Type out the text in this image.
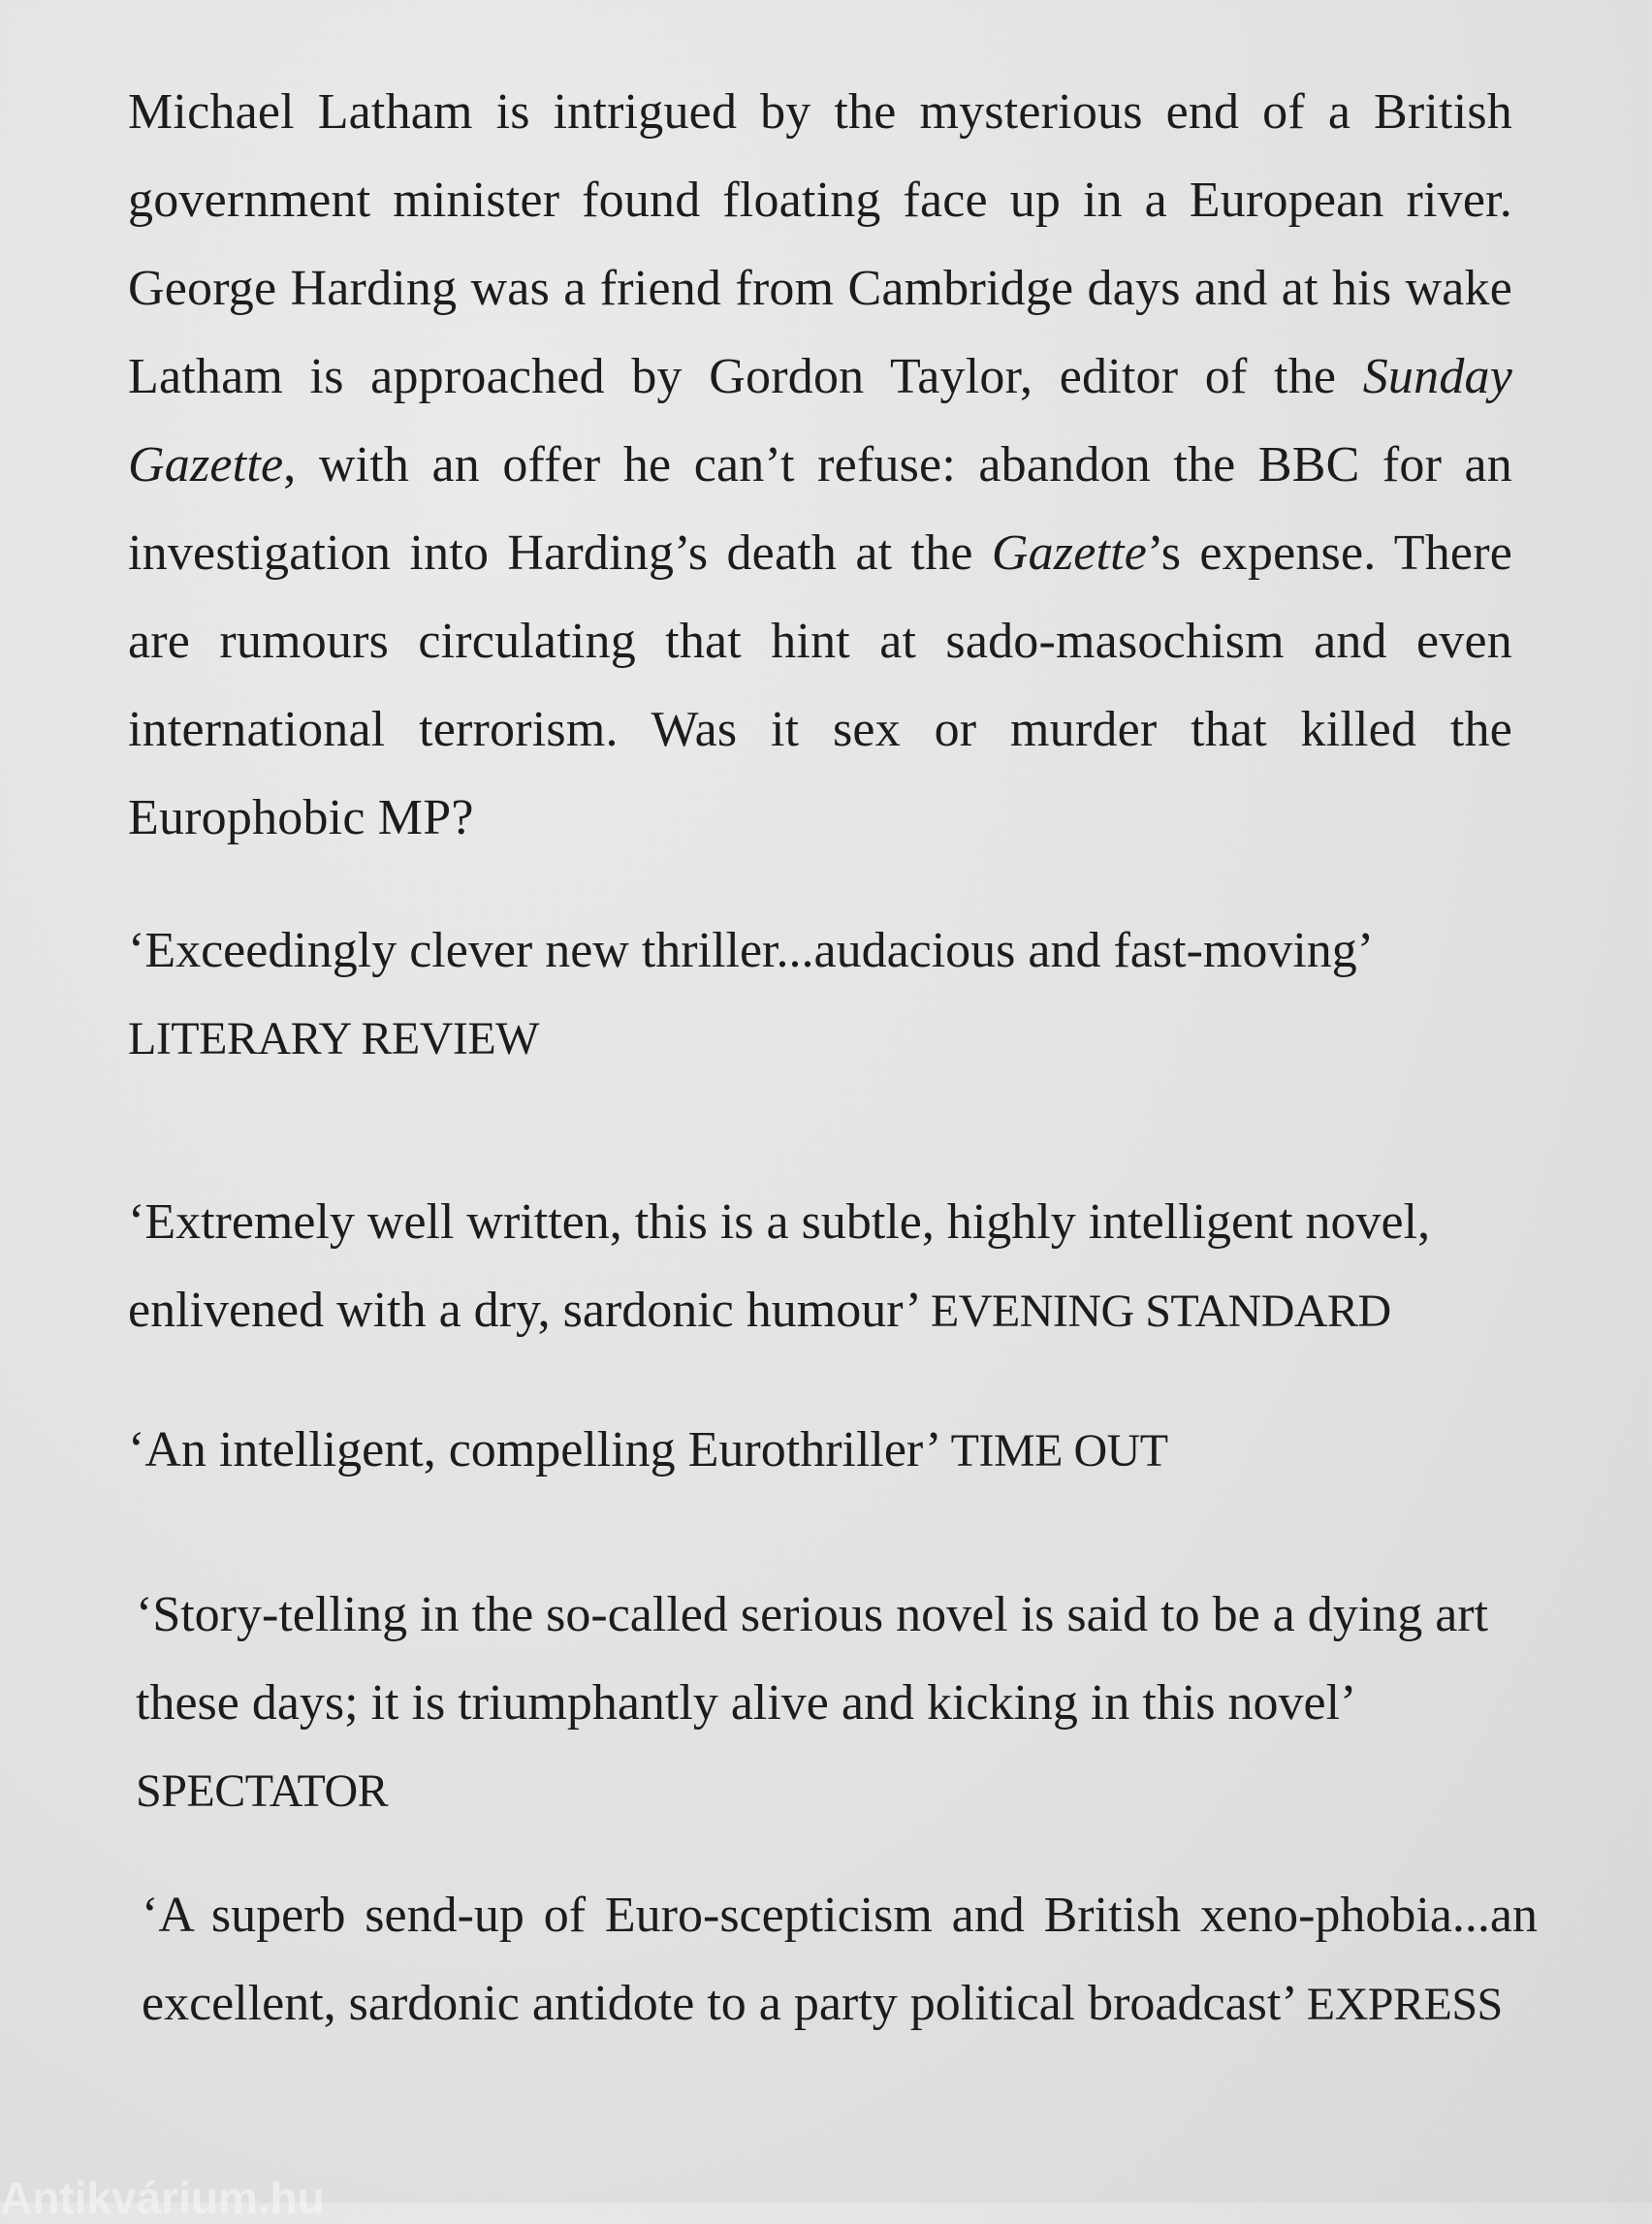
Michael Latham is intrigued by the mysterious end of a British government minister found floating face up in a European river. George Harding was a friend from Cambridge days and at his wake Latham is approached by Gordon Taylor, editor of the Sunday Gazette, with an offer he can’t refuse: abandon the BBC for an investigation into Harding’s death at the Gazette’s expense. There are rumours circulating that hint at sado-masochism and even international terrorism. Was it sex or murder that killed the Europhobic MP?

‘Exceedingly clever new thriller...audacious and fast-moving’
LITERARY REVIEW
‘Extremely well written, this is a subtle, highly intelligent novel, enlivened with a dry, sardonic humour’ EVENING STANDARD
‘An intelligent, compelling Eurothriller’ TIME OUT
‘Story-telling in the so-called serious novel is said to be a dying art these days; it is triumphantly alive and kicking in this novel’
SPECTATOR
‘A superb send-up of Euro-scepticism and British xeno-phobia...an excellent, sardonic antidote to a party political broadcast’ EXPRESS
Antikvárium.hu
